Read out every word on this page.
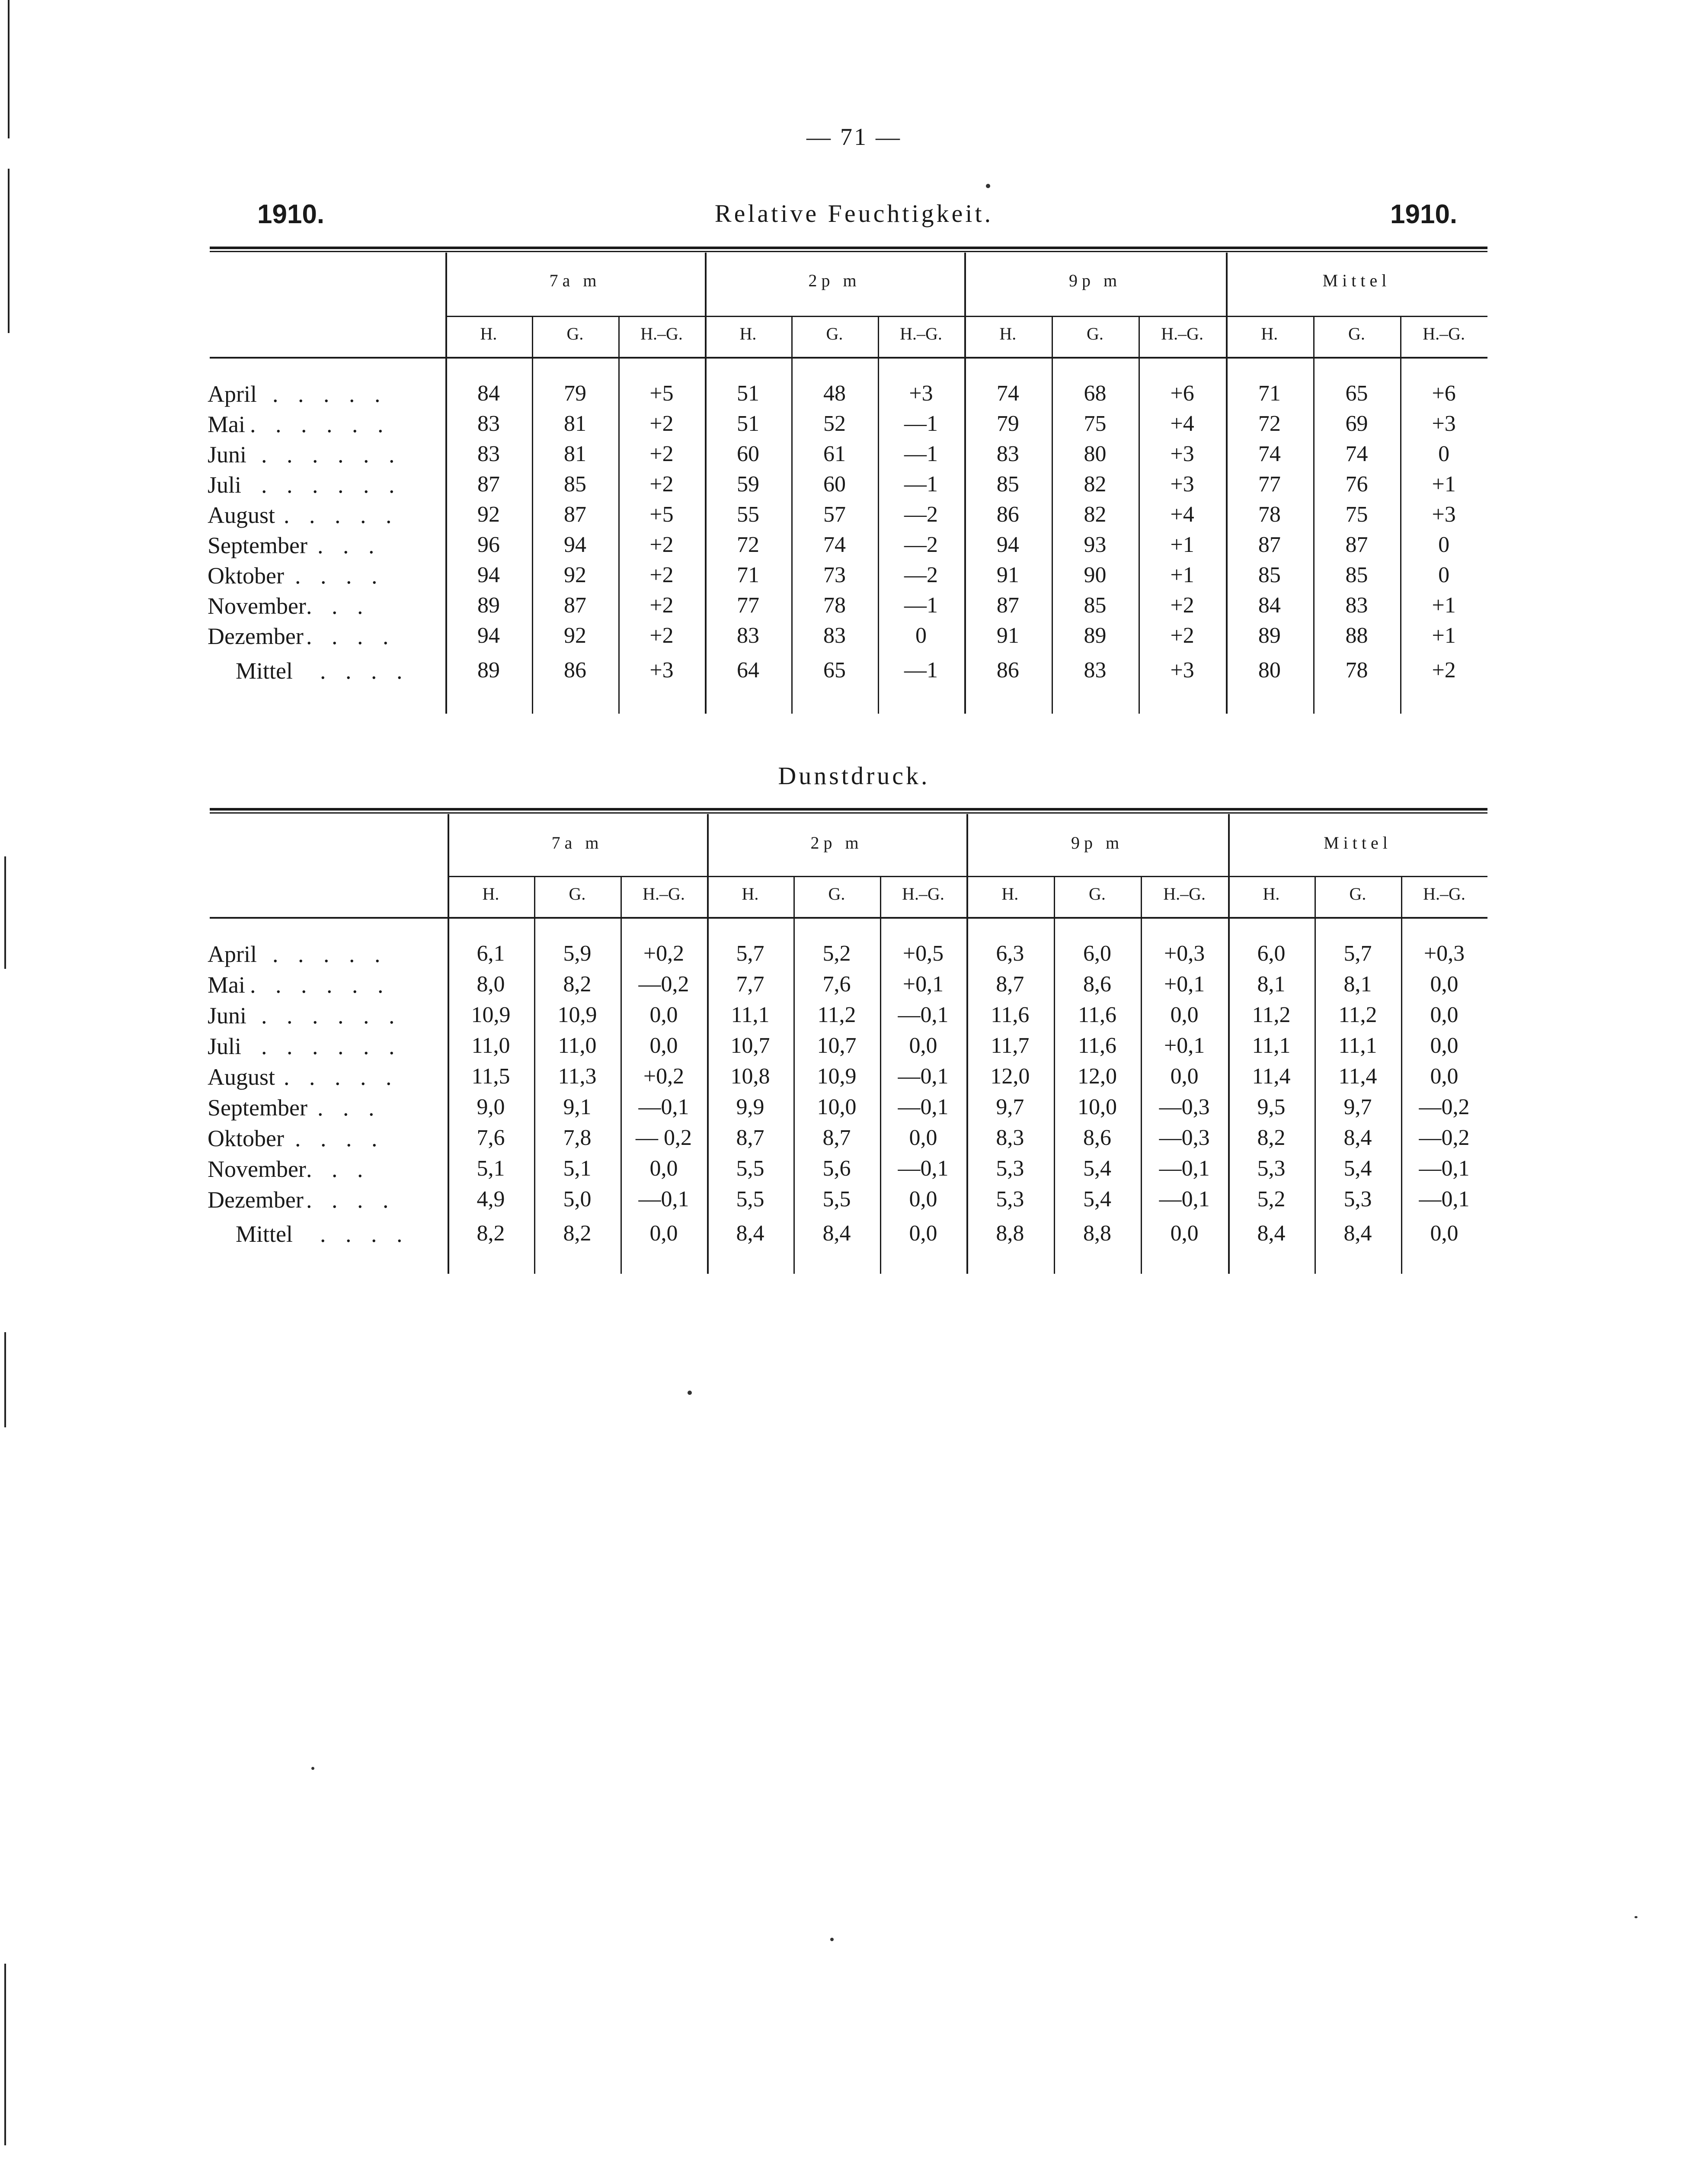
— 71 —
1910.	1910.
Relative Feuchtigkeit.
7a m
H.	G.	H.–G.
2p m
H.	G.	H.–G.
9p m
H.	G.	H.–G.
Mittel
H.	G.	H.–G.
April . . . . .	84	79	+5	51	48	+3	74	68	+6	71	65	+6
Mai . . . . . .	83	81	+2	51	52	—1	79	75	+4	72	69	+3
Juni . . . . . .	83	81	+2	60	61	—1	83	80	+3	74	74	0
Juli . . . . . .	87	85	+2	59	60	—1	85	82	+3	77	76	+1
August . . . . .	92	87	+5	55	57	—2	86	82	+4	78	75	+3
September . . .	96	94	+2	72	74	—2	94	93	+1	87	87	0
Oktober . . . .	94	92	+2	71	73	—2	91	90	+1	85	85	0
November . . .	89	87	+2	77	78	—1	87	85	+2	84	83	+1
Dezember . . . .	94	92	+2	83	83	0	91	89	+2	89	88	+1
Mittel . . . .	89	86	+3	64	65	—1	86	83	+3	80	78	+2
Dunstdruck.
7a m
H.	G.	H.–G.
2p m
H.	G.	H.–G.
9p m
H.	G.	H.–G.
Mittel
H.	G.	H.–G.
April . . . . .	6,1	5,9	+0,2	5,7	5,2	+0,5	6,3	6,0	+0,3	6,0	5,7	+0,3
Mai . . . . . .	8,0	8,2	—0,2	7,7	7,6	+0,1	8,7	8,6	+0,1	8,1	8,1	0,0
Juni . . . . . .	10,9	10,9	0,0	11,1	11,2	—0,1	11,6	11,6	0,0	11,2	11,2	0,0
Juli . . . . . .	11,0	11,0	0,0	10,7	10,7	0,0	11,7	11,6	+0,1	11,1	11,1	0,0
August . . . . .	11,5	11,3	+0,2	10,8	10,9	—0,1	12,0	12,0	0,0	11,4	11,4	0,0
September . . .	9,0	9,1	—0,1	9,9	10,0	—0,1	9,7	10,0	—0,3	9,5	9,7	—0,2
Oktober . . . .	7,6	7,8	— 0,2	8,7	8,7	0,0	8,3	8,6	—0,3	8,2	8,4	—0,2
November . . .	5,1	5,1	0,0	5,5	5,6	—0,1	5,3	5,4	—0,1	5,3	5,4	—0,1
Dezember . . . .	4,9	5,0	—0,1	5,5	5,5	0,0	5,3	5,4	—0,1	5,2	5,3	—0,1
Mittel . . . .	8,2	8,2	0,0	8,4	8,4	0,0	8,8	8,8	0,0	8,4	8,4	0,0
